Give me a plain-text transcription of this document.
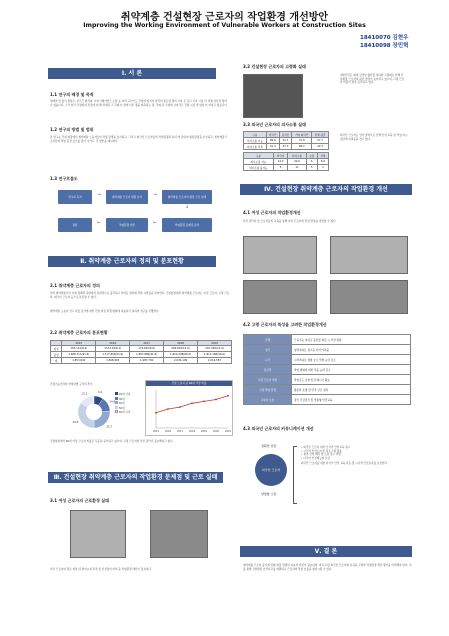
취약계층 건설현장 근로자의 작업환경 개선방안
Improving the Working Environment of Vulnerable Workers at Construction Sites
18410070 김현우
18410098 장민혁
Ⅰ. 서 론
1.1 연구의 배경 및 목적
세계적 인 많이 현상은, 부르즈 칼리파, 아이나메이언즈 포털 등 여러 고난이도 건설에 있어서 한국의 골든할 경의 기록 은 갖고 이루 시장 인 성체 자신한 경력 나 있습니다, 그리 한국 건설업의 특징에 대 해 상세히 고 국제 인 정에 이루 경을 예측하는 겸, 국제 속 건설에 사여국은 건설 시장 내 엄청 더 커지고 있습니다.
1.2 연구의 방법 및 범위
본 연구는 건설 현장에서 취약계층 노동자들의 작업 환경을 조사하고, 그리고 외국인 근로자들의 작업환경과 특히 에 관하여 현장환경을 조사하고, 취약계층 근로자들의 작업 중점 요소를 짚어 나가고, 각 방안을 제시한다.
1.3 연구흐름도
연구의 목적	→	취약계층 근로자 현황 분석	→	취약계층 근로자의 현장 근로 실태
↓
작업환경 문제점 분석
←
작업환경 개선
←
결론
Ⅱ. 취약계층 근로자의 정의 및 분포현황
2.1 취약계층 근로자의 정의
먼저 취약계층이라 사회 경제적 측면에서 상대적으로 불리하고 어려운 위치에 처한 사람들을 의미한다. 건설현장에서 취약계층 근로자는 여성 근로자, 고령 근로자, 외국인 근로자 등으로 분류할 수 있다.
취약계층 노동자 인구 비율 증가에 따른 건설 현장 환경 변화에 대응하기 위하여 연구를 진행한다.
2.2 취약계층 근로자의 분포현황
	2015	2016	2017	2018	2019
여성	155,131(8.4)	151,134(8.1)	179,820(8.0)	209,803(10.0)	202,398(10.0)
남성	1,688,711(91.6)	1,717,850(91.9)	1,807,880(91.9)	1,824,398(89.9)	1,817,188(90.0)
계	1,853,842	1,868,993	1,987,700	2,034,199	2,019,587
건설기능인력의 연령대별 구성비 추이
9.4
14.8
25.7
34.8
15.3	20대 이하
30대
40대
50대
60대 이상
건설 노동자 중 60대 이상 비율
2015 2016 2017 2018 2019 2020 2021
건설현장에서 60대 이상 근로자 비율은 꾸준히 증가하고 있으며, 고령 근로자의 안전 관리가 중요해지고 있다.
Ⅲ. 건설현장 취약계층 근로자의 작업환경 문제점 및 근로 실태
3.1 여성 근로자의 근로환경 실태
여성 근로자의 경우 현장 내 편의시설 부족 및 안전장비 미비 등 작업환경 개선이 필요하다.
3.2 건설현장 근로자의 고령화 실태
대한민국은 현재 급격한 출산율 저하와 고령화로 인해 건설현장 근로자의 평균 연령이 높아지고 있으며, 고령 근로자 비율이 점차 증가하고 있다.
3.3 외국인 근로자의 의사소통 실태
구분	한국인	중국인	기타 외국인	전체 평균
의사소통 가능	89.6	52.7	31.8	57.7
의사소통 부족	10.4	47.3	68.2	42.3
구분	한국어	의사소통	보통	전체
의사소통 가능	14.2	20.6	6	6.9
의사소통 불가능	5	11	5	1
외국인 근로자는 언어 장벽으로 인해 안전 교육 및 작업 지시 전달에 어려움을 겪고 있다.
Ⅳ. 건설현장 취약계층 근로자의 작업환경 개선
4.1 여성 근로자의 작업환경개선
안전 관리자 및 근로자들의 교육을 통해 여성 근로자의 작업 환경을 개선할 수 있다.
4.2 고령 근로자의 특성을 고려한 작업환경개선
신체	근육기능 저하로 중량물 취급 시 부상 위험
청각	청력저하로 경고음 인지 어려움
시각	시력저하로 위험 요소 식별 능력 감소
정신적	작업 변화에 대한 적응 능력 감소
고령 근로자 개선	작업강도 조절 및 휴게시간 확보
고령 작업 환경	충분한 조명 및 안전 난간 설치
고령자 보호	정기 건강검진 및 맞춤형 안전교육
4.3 외국인 근로자의 커뮤니케이션 개선
정확한 전달
외국인 근로자
양방향 소통
• 외국인 근로자 대상 모국어 안전교육 실시
• 시각적 안전표지 및 픽토그램 활용
• 통역 인력 배치 및 소통 창구 마련
• 다국어 안전매뉴얼 보급
외국인 근로자를 위한 다국어 안전 교육 자료 및 시각적 안전표지를 보급한다.
Ⅴ. 결 론
취약계층 근로자 증가에 맞춰 현장 환경의 지속적 개선이 필요하며, 여성·고령·외국인 근로자별 특성을 고려한 작업환경 개선 방안을 마련해야 한다. 이를 통해 건설현장 안전사고를 예방하고 근로자의 작업 효율을 향상시킬 수 있다.
